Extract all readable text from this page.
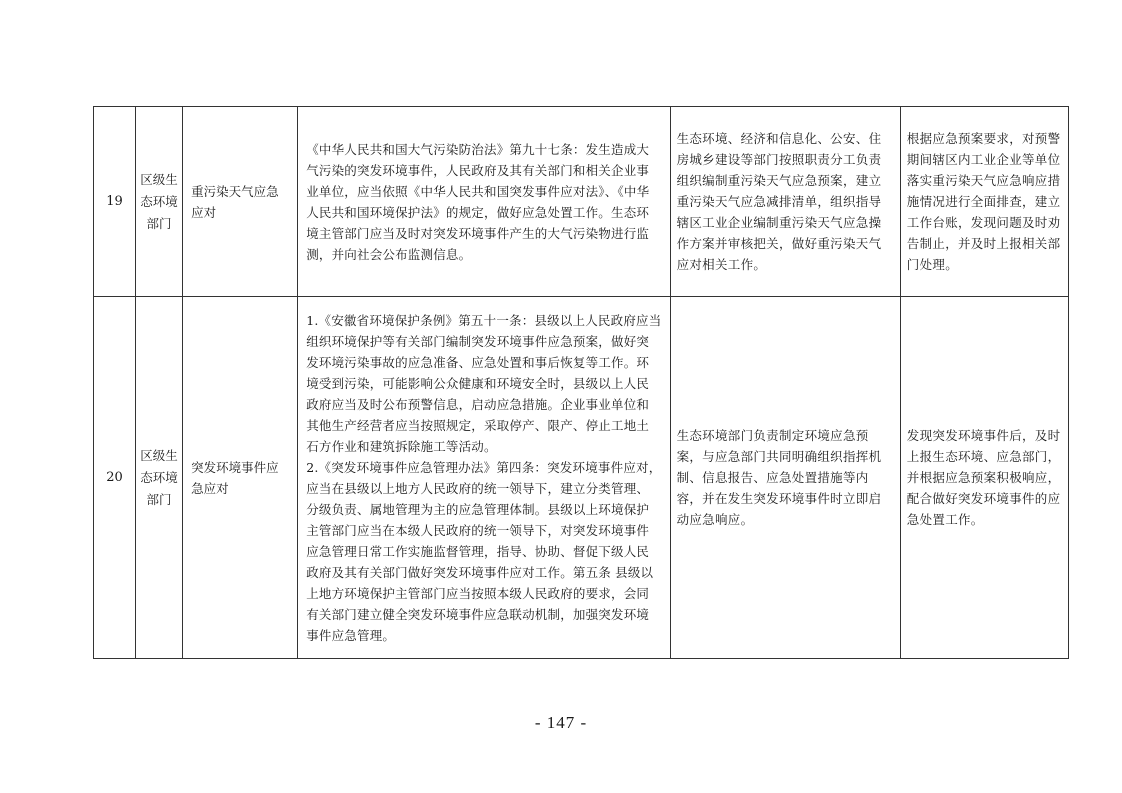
19	区级生态环境部门	重污染天气应急应对	《中华人民共和国大气污染防治法》第九十七条：发生造成大气污染的突发环境事件，人民政府及其有关部门和相关企业事业单位，应当依照《中华人民共和国突发事件应对法》、《中华人民共和国环境保护法》的规定，做好应急处置工作。生态环境主管部门应当及时对突发环境事件产生的大气污染物进行监测，并向社会公布监测信息。	生态环境、经济和信息化、公安、住房城乡建设等部门按照职责分工负责组织编制重污染天气应急预案，建立重污染天气应急减排清单，组织指导辖区工业企业编制重污染天气应急操作方案并审核把关，做好重污染天气应对相关工作。	根据应急预案要求，对预警期间辖区内工业企业等单位落实重污染天气应急响应措施情况进行全面排查，建立工作台账，发现问题及时劝告制止，并及时上报相关部门处理。
20	区级生态环境部门	突发环境事件应急应对	1.《安徽省环境保护条例》第五十一条：县级以上人民政府应当组织环境保护等有关部门编制突发环境事件应急预案，做好突发环境污染事故的应急准备、应急处置和事后恢复等工作。环境受到污染，可能影响公众健康和环境安全时，县级以上人民政府应当及时公布预警信息，启动应急措施。企业事业单位和其他生产经营者应当按照规定，采取停产、限产、停止工地土石方作业和建筑拆除施工等活动。
2.《突发环境事件应急管理办法》第四条：突发环境事件应对，应当在县级以上地方人民政府的统一领导下，建立分类管理、分级负责、属地管理为主的应急管理体制。县级以上环境保护主管部门应当在本级人民政府的统一领导下，对突发环境事件应急管理日常工作实施监督管理，指导、协助、督促下级人民政府及其有关部门做好突发环境事件应对工作。第五条 县级以上地方环境保护主管部门应当按照本级人民政府的要求，会同有关部门建立健全突发环境事件应急联动机制，加强突发环境事件应急管理。	生态环境部门负责制定环境应急预案，与应急部门共同明确组织指挥机制、信息报告、应急处置措施等内容，并在发生突发环境事件时立即启动应急响应。	发现突发环境事件后，及时上报生态环境、应急部门，并根据应急预案积极响应，配合做好突发环境事件的应急处置工作。
- 147 -
